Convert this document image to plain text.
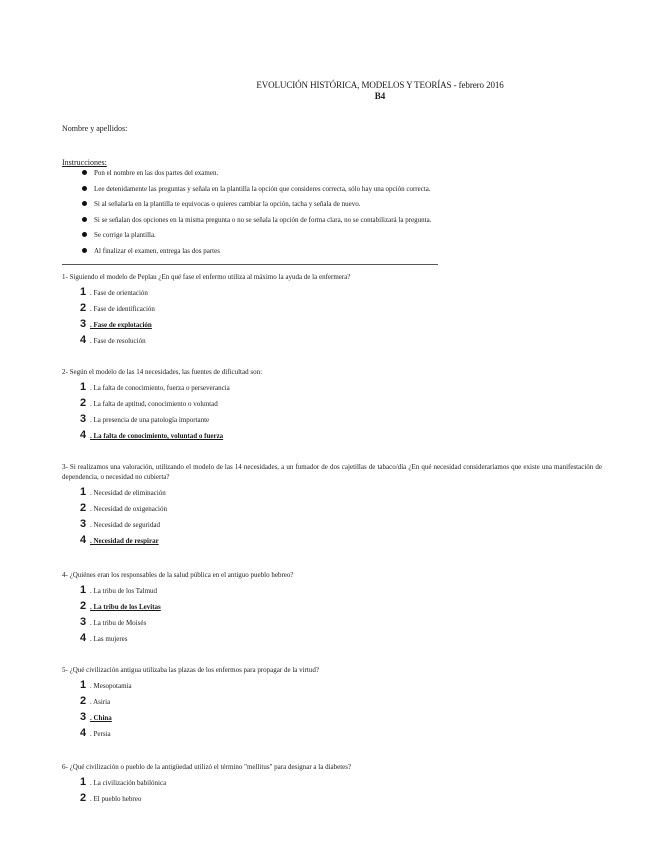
EVOLUCIÓN HISTÓRICA, MODELOS Y TEORÍAS - febrero 2016
B4
Nombre y apellidos:
Instrucciones:
Pon el nombre en las dos partes del examen.
Lee detenidamente las preguntas y señala en la plantilla la opción que consideres correcta, sólo hay una opción correcta.
Si al señalarla en la plantilla te equivocas o quieres cambiar la opción, tacha y señala de nuevo.
Si se señalan dos opciones en la misma pregunta o no se señala la opción de forma clara, no se contabilizará la pregunta.
Se corrige la plantilla.
Al finalizar el examen, entrega las dos partes
1- Siguiendo el modelo de Peplau ¿En qué fase el enfermo utiliza al máximo la ayuda de la enfermera?
1 . Fase de orientación
2 . Fase de identificación
3 . Fase de explotación
4 . Fase de resolución
2- Según el modelo de las 14 necesidades, las fuentes de dificultad son:
1 . La falta de conocimiento, fuerza o perseverancia
2 . La falta de aptitud, conocimiento o voluntad
3 . La presencia de una patología importante
4 . La falta de conocimiento, voluntad o fuerza
3- Si realizamos una valoración, utilizando el modelo de las 14 necesidades, a un fumador de dos cajetillas de tabaco/día ¿En qué necesidad consideraríamos que existe una manifestación de dependencia, o necesidad no cubierta?
1 . Necesidad de eliminación
2 . Necesidad de oxigenación
3 . Necesidad de seguridad
4 . Necesidad de respirar
4- ¿Quiénes eran los responsables de la salud pública en el antiguo pueblo hebreo?
1 . La tribu de los Talmud
2 . La tribu de los Levitas
3 . La tribu de Moisés
4 . Las mujeres
5- ¿Qué civilización antigua utilizaba las plazas de los enfermos para propagar de la virtud?
1 . Mesopotamia
2 . Asiria
3 . China
4 . Persia
6- ¿Qué civilización o pueblo de la antigüedad utilizó el término "mellitus" para designar a la diabetes?
1 . La civilización babilónica
2 . El pueblo hebreo
